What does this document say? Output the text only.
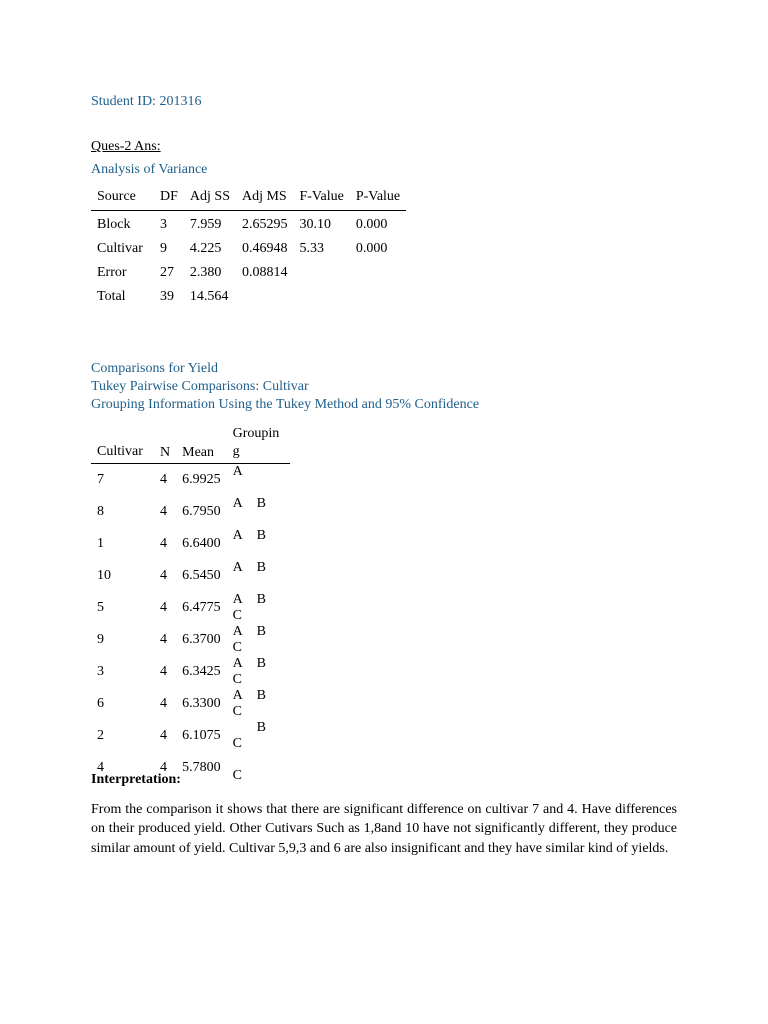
Student ID: 201316
Ques-2 Ans:
Analysis of Variance
Source	DF	Adj SS	Adj MS	F-Value	P-Value
Block	3	7.959	2.65295	30.10	0.000
Cultivar	9	4.225	0.46948	5.33	0.000
Error	27	2.380	0.08814		
Total	39	14.564			
Comparisons for Yield
Tukey Pairwise Comparisons: Cultivar
Grouping Information Using the Tukey Method and 95% Confidence
Cultivar	N	Mean	Grouping
7	4	6.9925	A
8	4	6.7950	A B
1	4	6.6400	A B
10	4	6.5450	A B
5	4	6.4775	A BC
9	4	6.3700	A BC
3	4	6.3425	A BC
6	4	6.3300	A BC
2	4	6.1075	BC
4	4	5.7800	C
Interpretation:
From the comparison it shows that there are significant difference on cultivar 7 and 4. Have differences on their produced yield. Other Cutivars Such as 1,8and 10 have not significantly different, they produce similar amount of yield. Cultivar 5,9,3 and 6 are also insignificant and they have similar kind of yields.
